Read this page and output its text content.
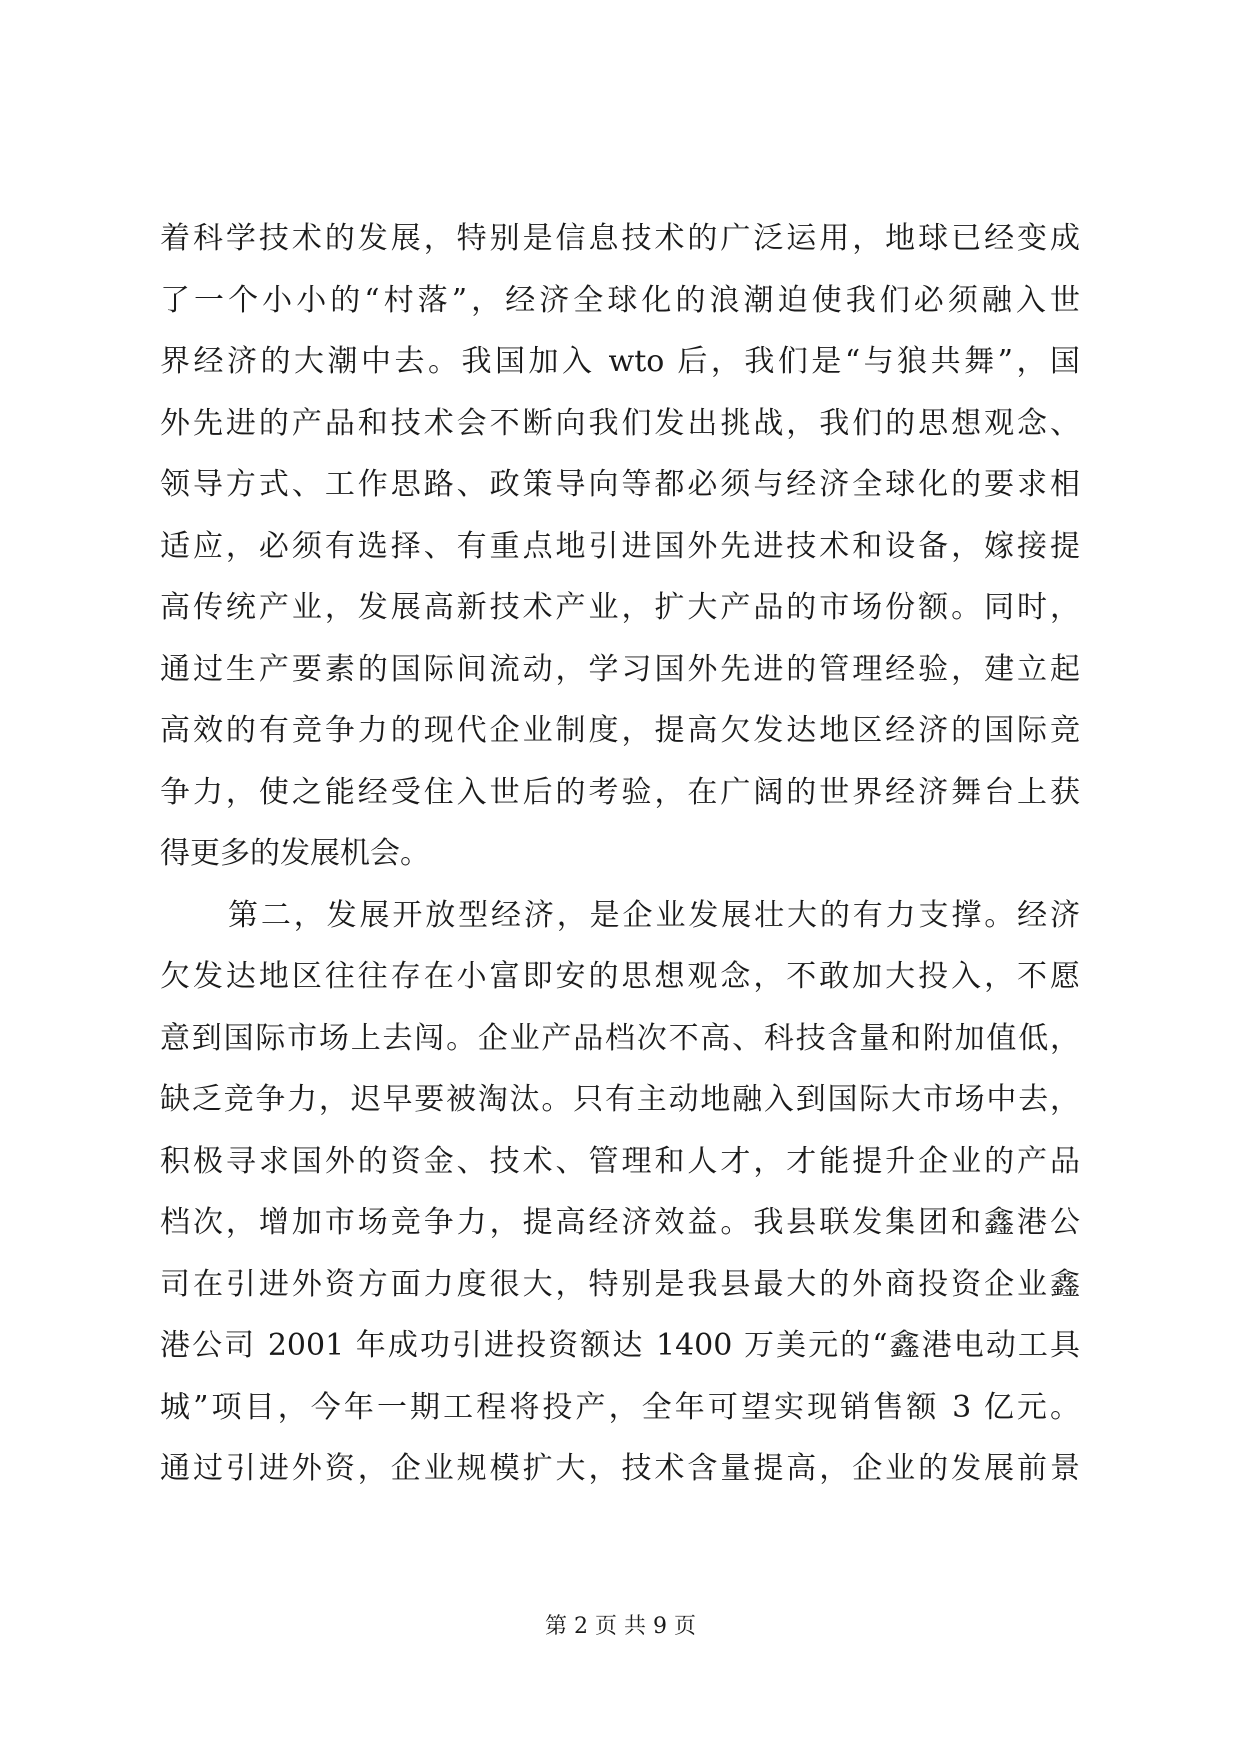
着科学技术的发展，特别是信息技术的广泛运用，地球已经变成
了一个小小的“村落”，经济全球化的浪潮迫使我们必须融入世
界经济的大潮中去。我国加入 wto 后，我们是“与狼共舞”，国
外先进的产品和技术会不断向我们发出挑战，我们的思想观念、
领导方式、工作思路、政策导向等都必须与经济全球化的要求相
适应，必须有选择、有重点地引进国外先进技术和设备，嫁接提
高传统产业，发展高新技术产业，扩大产品的市场份额。同时，
通过生产要素的国际间流动，学习国外先进的管理经验，建立起
高效的有竞争力的现代企业制度，提高欠发达地区经济的国际竞
争力，使之能经受住入世后的考验，在广阔的世界经济舞台上获
得更多的发展机会。
第二，发展开放型经济，是企业发展壮大的有力支撑。经济
欠发达地区往往存在小富即安的思想观念，不敢加大投入，不愿
意到国际市场上去闯。企业产品档次不高、科技含量和附加值低，
缺乏竞争力，迟早要被淘汰。只有主动地融入到国际大市场中去，
积极寻求国外的资金、技术、管理和人才，才能提升企业的产品
档次，增加市场竞争力，提高经济效益。我县联发集团和鑫港公
司在引进外资方面力度很大，特别是我县最大的外商投资企业鑫
港公司 2001 年成功引进投资额达 1400 万美元的“鑫港电动工具
城”项目，今年一期工程将投产，全年可望实现销售额 3 亿元。
通过引进外资，企业规模扩大，技术含量提高，企业的发展前景
第 2 页 共 9 页
